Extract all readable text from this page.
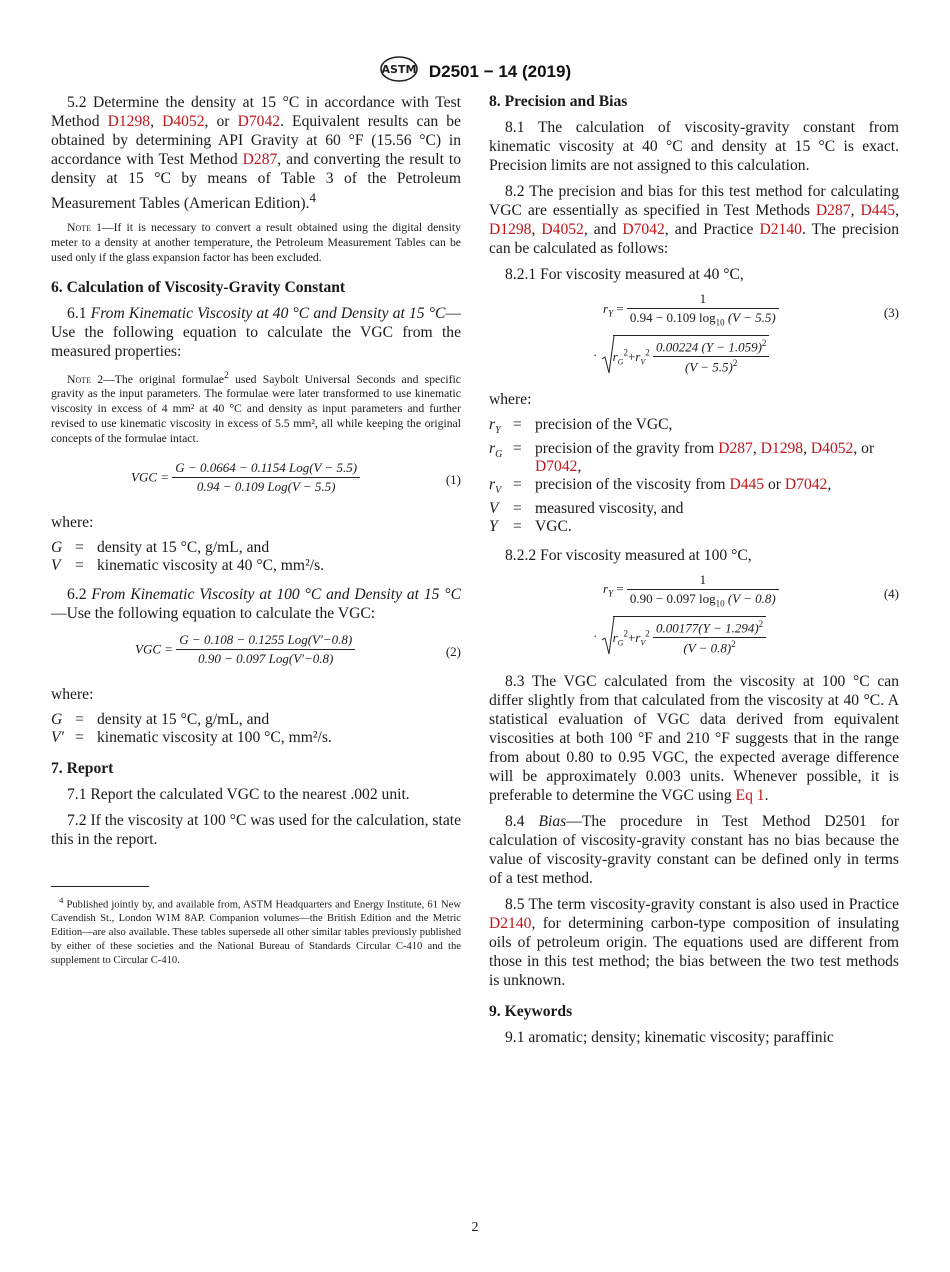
ASTM D2501 − 14 (2019)

5.2 Determine the density at 15 °C in accordance with Test Method D1298, D4052, or D7042. Equivalent results can be obtained by determining API Gravity at 60 °F (15.56 °C) in accordance with Test Method D287, and converting the result to density at 15 °C by means of Table 3 of the Petroleum Measurement Tables (American Edition).$^4$

Note 1—If it is necessary to convert a result obtained using the digital density meter to a density at another temperature, the Petroleum Measurement Tables can be used only if the glass expansion factor has been excluded.

6. Calculation of Viscosity-Gravity Constant

6.1 From Kinematic Viscosity at 40 °C and Density at 15 °C—Use the following equation to calculate the VGC from the measured properties:

Note 2—The original formulae$^2$ used Saybolt Universal Seconds and specific gravity as the input parameters. The formulae were later transformed to use kinematic viscosity in excess of 4 mm² at 40 °C and density as input parameters and further revised to use kinematic viscosity in excess of 5.5 mm², all while keeping the original concepts of the formulae intact.

VGC = $\frac{\text{G − 0.0664 − 0.1154 Log(V − 5.5)}}{\text{0.94 − 0.109 Log(V − 5.5)}}$	(1)
where:
G	=	density at 15 °C, g/mL, and
V	=	kinematic viscosity at 40 °C, mm²/s.

6.2 From Kinematic Viscosity at 100 °C and Density at 15 °C—Use the following equation to calculate the VGC:

VGC = $\frac{\text{G − 0.108 − 0.1255 Log(V′−0.8)}}{\text{0.90 − 0.097 Log(V′−0.8)}}$	(2)
where:
G	=	density at 15 °C, g/mL, and
V′	=	kinematic viscosity at 100 °C, mm²/s.
7. Report

7.1 Report the calculated VGC to the nearest .002 unit.

7.2 If the viscosity at 100 °C was used for the calculation, state this in the report.

$^4$ Published jointly by, and available from, ASTM Headquarters and Energy Institute, 61 New Cavendish St., London W1M 8AP. Companion volumes—the British Edition and the Metric Edition—are also available. These tables supersede all other similar tables previously published by either of these societies and the National Bureau of Standards Circular C-410 and the supplement to Circular C-410.

8. Precision and Bias

8.1 The calculation of viscosity-gravity constant from kinematic viscosity at 40 °C and density at 15 °C is exact. Precision limits are not assigned to this calculation.

8.2 The precision and bias for this test method for calculating VGC are essentially as specified in Test Methods D287, D445, D1298, D4052, and D7042, and Practice D2140. The precision can be calculated as follows:

8.2.1 For viscosity measured at 40 °C,

$r_Y = \frac{1}{0.94 - 0.109 \log_{10} (V - 5.5)}$	(3)
· $r_G^2+r_V^2 \frac{0.00224 (Y - 1.059)^2}{(V - 5.5)^2}$
where:
$r_Y$	=	precision of the VGC,
$r_G$	=	precision of the gravity from D287, D1298, D4052, or D7042,
$r_V$	=	precision of the viscosity from D445 or D7042,
V	=	measured viscosity, and
Y	=	VGC.

8.2.2 For viscosity measured at 100 °C,

$r_Y = \frac{1}{0.90 - 0.097 \log_{10} (V - 0.8)}$	(4)
· $r_G^2+r_V^2 \frac{0.00177(Y - 1.294)^2}{(V - 0.8)^2}$

8.3 The VGC calculated from the viscosity at 100 °C can differ slightly from that calculated from the viscosity at 40 °C. A statistical evaluation of VGC data derived from equivalent viscosities at both 100 °F and 210 °F suggests that in the range from about 0.80 to 0.95 VGC, the expected average difference will be approximately 0.003 units. Whenever possible, it is preferable to determine the VGC using Eq 1.

8.4 Bias—The procedure in Test Method D2501 for calculation of viscosity-gravity constant has no bias because the value of viscosity-gravity constant can be defined only in terms of a test method.

8.5 The term viscosity-gravity constant is also used in Practice D2140, for determining carbon-type composition of insulating oils of petroleum origin. The equations used are different from those in this test method; the bias between the two test methods is unknown.

9. Keywords

9.1 aromatic; density; kinematic viscosity; paraffinic

2
